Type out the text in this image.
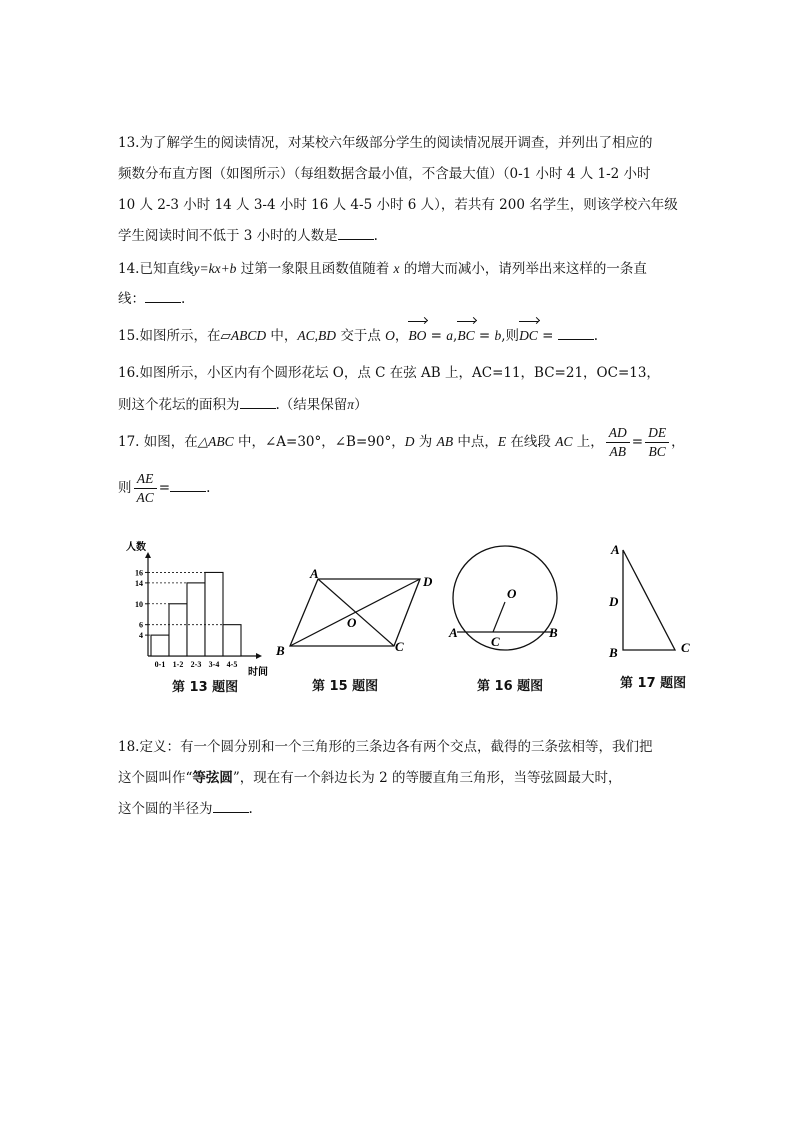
13.为了解学生的阅读情况，对某校六年级部分学生的阅读情况展开调查，并列出了相应的
频数分布直方图（如图所示）（每组数据含最小值，不含最大值）（0-1 小时 4 人 1-2 小时
10 人 2-3 小时 14 人 3-4 小时 16 人 4-5 小时 6 人），若共有 200 名学生，则该学校六年级
学生阅读时间不低于 3 小时的人数是	.
14.已知直线y=kx+b 过第一象限且函数值随着 x 的增大而减小，请列举出来这样的一条直
线：	.
15.如图所示，在▱ABCD 中，AC,BD 交于点 O，BO = a,BC = b,则DC =	.
16.如图所示，小区内有个圆形花坛 O，点 C 在弦 AB 上，AC=11，BC=21，OC=13，
则这个花坛的面积为	.（结果保留π）
17. 如图，在△ABC 中，∠A=30°，∠B=90°，D 为 AB 中点，E 在线段 AC 上， $\frac{AD}{AB} = \frac{DE}{BC}$ ，
则 $\frac{AE}{AC}$ =	.
人数
时间
0-1 1-2 2-3 3-4 4-5
4
6
10
14
16
第 13 题图
A
D
B	C
O
第 15 题图
O
A	B
C
第 16 题图
A
D
B	C
第 17 题图
18.定义：有一个圆分别和一个三角形的三条边各有两个交点，截得的三条弦相等，我们把
这个圆叫作“等弦圆”，现在有一个斜边长为 2 的等腰直角三角形，当等弦圆最大时，
这个圆的半径为	.
